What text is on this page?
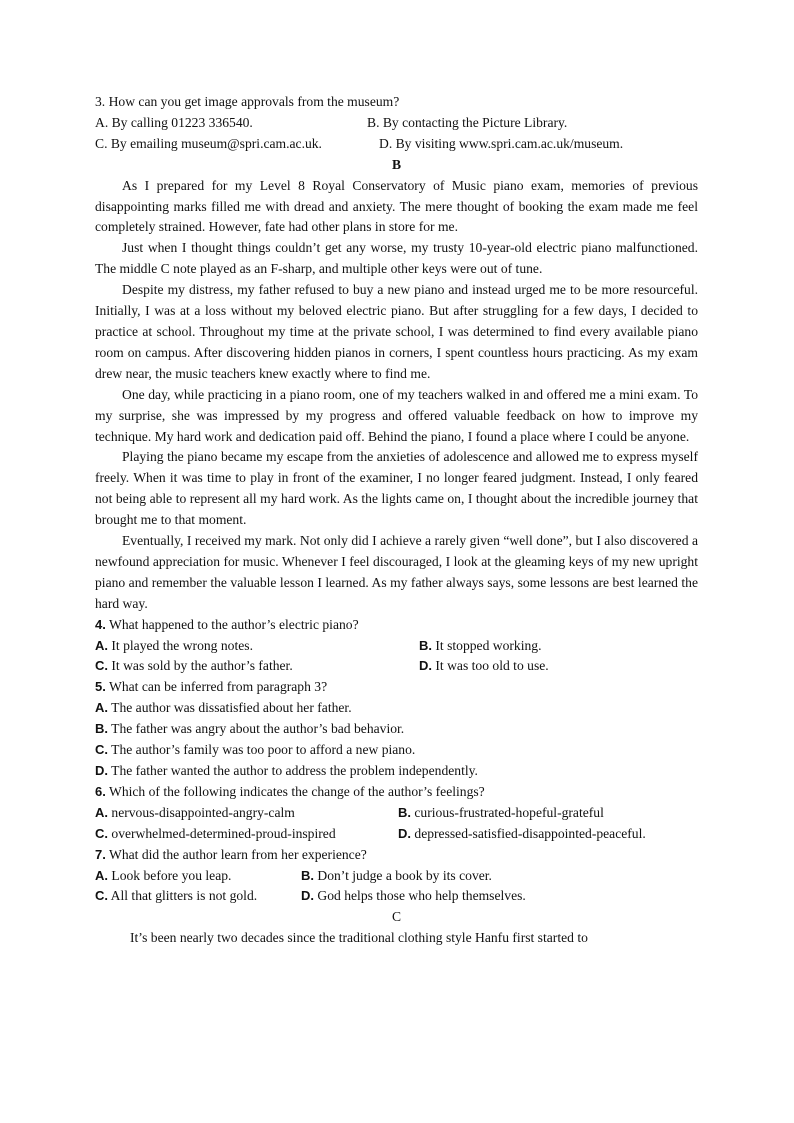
3. How can you get image approvals from the museum?
A. By calling 01223 336540.	B. By contacting the Picture Library.
C. By emailing museum@spri.cam.ac.uk.	D. By visiting www.spri.cam.ac.uk/museum.
B
As I prepared for my Level 8 Royal Conservatory of Music piano exam, memories of previous disappointing marks filled me with dread and anxiety. The mere thought of booking the exam made me feel completely strained. However, fate had other plans in store for me.
Just when I thought things couldn’t get any worse, my trusty 10-year-old electric piano malfunctioned. The middle C note played as an F-sharp, and multiple other keys were out of tune.
Despite my distress, my father refused to buy a new piano and instead urged me to be more resourceful. Initially, I was at a loss without my beloved electric piano. But after struggling for a few days, I decided to practice at school. Throughout my time at the private school, I was determined to find every available piano room on campus. After discovering hidden pianos in corners, I spent countless hours practicing. As my exam drew near, the music teachers knew exactly where to find me.
One day, while practicing in a piano room, one of my teachers walked in and offered me a mini exam. To my surprise, she was impressed by my progress and offered valuable feedback on how to improve my technique. My hard work and dedication paid off. Behind the piano, I found a place where I could be anyone.
Playing the piano became my escape from the anxieties of adolescence and allowed me to express myself freely. When it was time to play in front of the examiner, I no longer feared judgment. Instead, I only feared not being able to represent all my hard work. As the lights came on, I thought about the incredible journey that brought me to that moment.
Eventually, I received my mark. Not only did I achieve a rarely given “well done”, but I also discovered a newfound appreciation for music. Whenever I feel discouraged, I look at the gleaming keys of my new upright piano and remember the valuable lesson I learned. As my father always says, some lessons are best learned the hard way.
4. What happened to the author’s electric piano?
A. It played the wrong notes.	B. It stopped working.
C. It was sold by the author’s father.	D. It was too old to use.
5. What can be inferred from paragraph 3?
A. The author was dissatisfied about her father.
B. The father was angry about the author’s bad behavior.
C. The author’s family was too poor to afford a new piano.
D. The father wanted the author to address the problem independently.
6. Which of the following indicates the change of the author’s feelings?
A. nervous-disappointed-angry-calm	B. curious-frustrated-hopeful-grateful
C. overwhelmed-determined-proud-inspired	D. depressed-satisfied-disappointed-peaceful.
7. What did the author learn from her experience?
A. Look before you leap.	B. Don’t judge a book by its cover.
C. All that glitters is not gold.	D. God helps those who help themselves.
C
It’s been nearly two decades since the traditional clothing style Hanfu first started to
